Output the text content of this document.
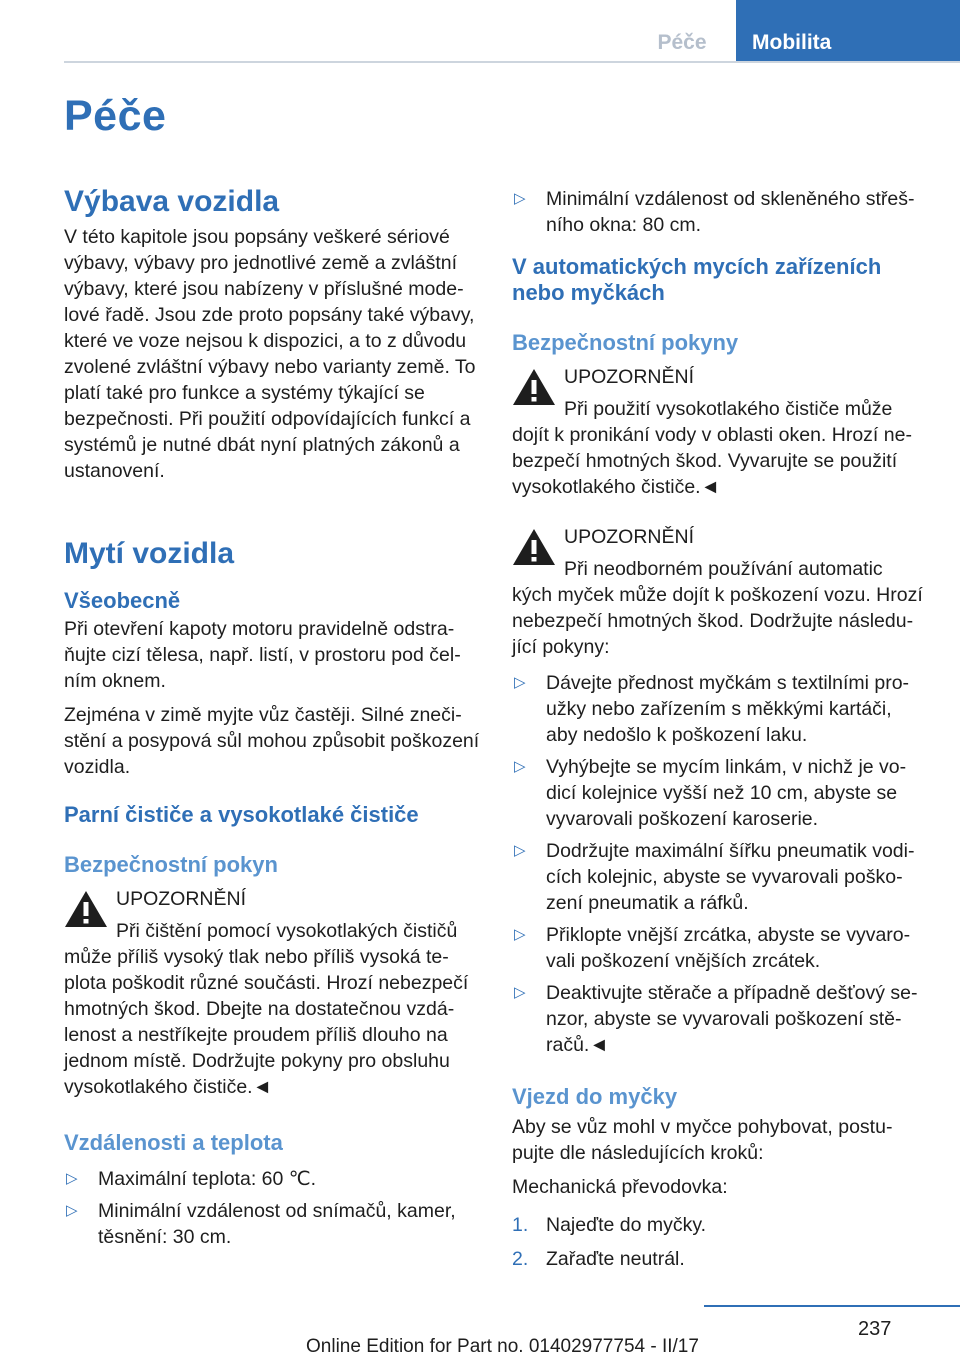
Péče	Mobilita
Péče
Výbava vozidla

V této kapitole jsou popsány veškeré sériové výbavy, výbavy pro jednotlivé země a zvláštní výbavy, které jsou nabízeny v příslušné modelové řadě. Jsou zde proto popsány také výbavy, které ve voze nejsou k dispozici, a to z důvodu zvolené zvláštní výbavy nebo varianty země. To platí také pro funkce a systémy týkající se bezpečnosti. Při použití odpovídajících funkcí a systémů je nutné dbát nyní platných zákonů a ustanovení.

Mytí vozidla
Všeobecně

Při otevření kapoty motoru pravidelně odstraňujte cizí tělesa, např. listí, v prostoru pod čelním oknem.

Zejména v zimě myjte vůz častěji. Silné znečistění a posypová sůl mohou způsobit poškození vozidla.

Parní čističe a vysokotlaké čističe
Bezpečnostní pokyn
UPOZORNĚNÍ
Při čištění pomocí vysokotlakých čističů
může příliš vysoký tlak nebo příliš vysoká teplota poškodit různé součásti. Hrozí nebezpečí hmotných škod. Dbejte na dostatečnou vzdálenost a nestříkejte proudem příliš dlouho na jednom místě. Dodržujte pokyny pro obsluhu vysokotlakého čističe.◄
Vzdálenosti a teplota
▷ Maximální teplota: 60 ℃.
▷ Minimální vzdálenost od snímačů, kamer, těsnění: 30 cm.
▷ Minimální vzdálenost od skleněného střešního okna: 80 cm.
V automatických mycích zařízeních nebo myčkách
Bezpečnostní pokyny
UPOZORNĚNÍ
Při použití vysokotlakého čističe může
dojít k pronikání vody v oblasti oken. Hrozí nebezpečí hmotných škod. Vyvarujte se použití vysokotlakého čističe.◄
UPOZORNĚNÍ
Při neodborném používání automatic
kých myček může dojít k poškození vozu. Hrozí nebezpečí hmotných škod. Dodržujte následující pokyny:
▷ Dávejte přednost myčkám s textilními proužky nebo zařízením s měkkými kartáči, aby nedošlo k poškození laku.
▷ Vyhýbejte se mycím linkám, v nichž je vodicí kolejnice vyšší než 10 cm, abyste se vyvarovali poškození karoserie.
▷ Dodržujte maximální šířku pneumatik vodicích kolejnic, abyste se vyvarovali poškození pneumatik a ráfků.
▷ Přiklopte vnější zrcátka, abyste se vyvarovali poškození vnějších zrcátek.
▷ Deaktivujte stěrače a případně dešťový senzor, abyste se vyvarovali poškození stěračů.◄
Vjezd do myčky

Aby se vůz mohl v myčce pohybovat, postupujte dle následujících kroků:

Mechanická převodovka:

1. Najeďte do myčky.
2. Zařaďte neutrál.
237
Online Edition for Part no. 01402977754 - II/17
